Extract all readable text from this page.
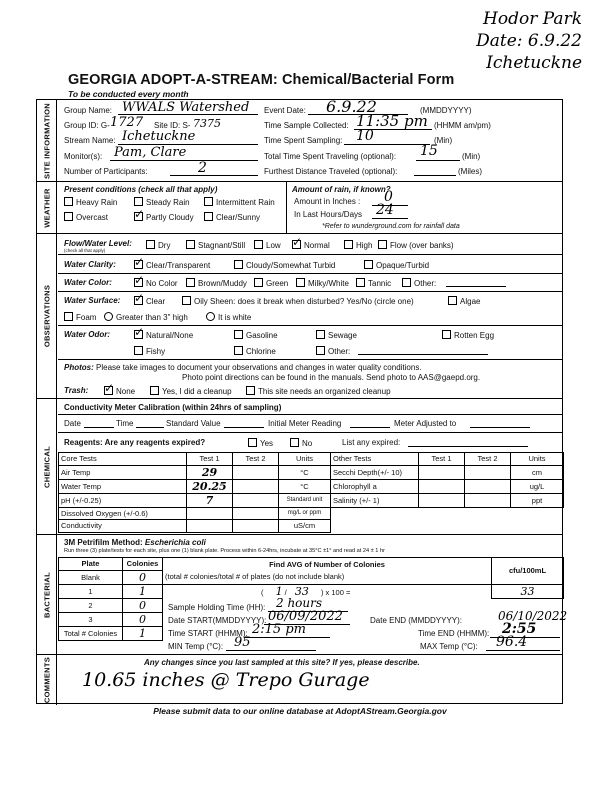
Hodor Park
Date: 6.9.22
Ichetuckne
GEORGIA ADOPT-A-STREAM: Chemical/Bacterial Form
To be conducted every month
SITE INFORMATION Group Name: WWALS Watershed
Group ID: G- 1727 Site ID: S- 7375
Stream Name: Ichetuckne
Monitor(s): Pam, Clare
Number of Participants:	2
Event Date: 6.9.22	(MMDDYYYY)
Time Sample Collected: 11:35 pm (HHMM am/pm)
Time Spent Sampling: 10	(Min)
Total Time Spent Traveling (optional): 15	(Min)
Furthest Distance Traveled (optional):	(Miles)
WEATHER Present conditions (check all that apply)
Heavy Rain	Steady Rain	Intermittent Rain
Overcast ✓	Partly Cloudy	Clear/Sunny
Amount of rain, if known?
Amount in Inches : 0
In Last Hours/Days 24
*Refer to wunderground.com for rainfall data
OBSERVATIONS
Flow/Water Level:
(check all that apply)
Dry	Stagnant/Still	Low ✓	Normal	High	Flow (over banks)
Water Clarity: ✓	Clear/Transparent	Cloudy/Somewhat Turbid	Opaque/Turbid
Water Color: ✓	No Color	Brown/Muddy	Green	Milky/White	Tannic	Other:
Water Surface: ✓	Clear	Oily Sheen: does it break when disturbed? Yes/No (circle one)	Algae
Foam	Greater than 3" high	It is white
Water Odor: ✓	Natural/None	Gasoline	Sewage	Rotten Egg
Fishy	Chlorine	Other:
Photos: Please take images to document your observations and changes in water quality conditions.
Photo point directions can be found in the manuals. Send photo to AAS@gaepd.org.
Trash: ✓	None	Yes, I did a cleanup	This site needs an organized cleanup
CHEMICAL
Conductivity Meter Calibration (within 24hrs of sampling)
Date	Time	Standard Value	Initial Meter Reading	Meter Adjusted to
Reagents: Are any reagents expired?	Yes	No	List any expired:
Core Tests	Test 1	Test 2	Units	Other Tests	Test 1	Test 2	Units
Air Temp	29		°C	Secchi Depth(+/- 10)			cm
Water Temp	20.25		°C	Chlorophyll a			ug/L
pH (+/-0.25)	7		Standard unit	Salinity (+/- 1)			ppt
Dissolved Oxygen (+/-0.6)			mg/L or ppm				
Conductivity			uS/cm				
BACTERIAL
3M Petrifilm Method: Escherichia coli
Run three (3) plate/tests for each site, plus one (1) blank plate. Process within 6-24hrs, incubate at 35°C ±1° and read at 24 ± 1 hr
Plate	Colonies	Find AVG of Number of Colonies	cfu/100mL
Blank	0	(total # colonies/total # of plates (do not include blank)	
1	1	( 1 / 33 ) x 100 =	33
2	0		
3	0		
Total # Colonies	1		
Sample Holding Time (HH): 2 hours
Date START(MMDDYYYY): 06/09/2022	Date END (MMDDYYYY):	06/10/2022
Time START (HHMM): 2:15 pm	Time END (HHMM): 2:55
MIN Temp (°C): 95	MAX Temp (°C): 96.4
COMMENTS	Any changes since you last sampled at this site? If yes, please describe.
10.65 inches @ Trepo Gurage
Please submit data to our online database at AdoptAStream.Georgia.gov
